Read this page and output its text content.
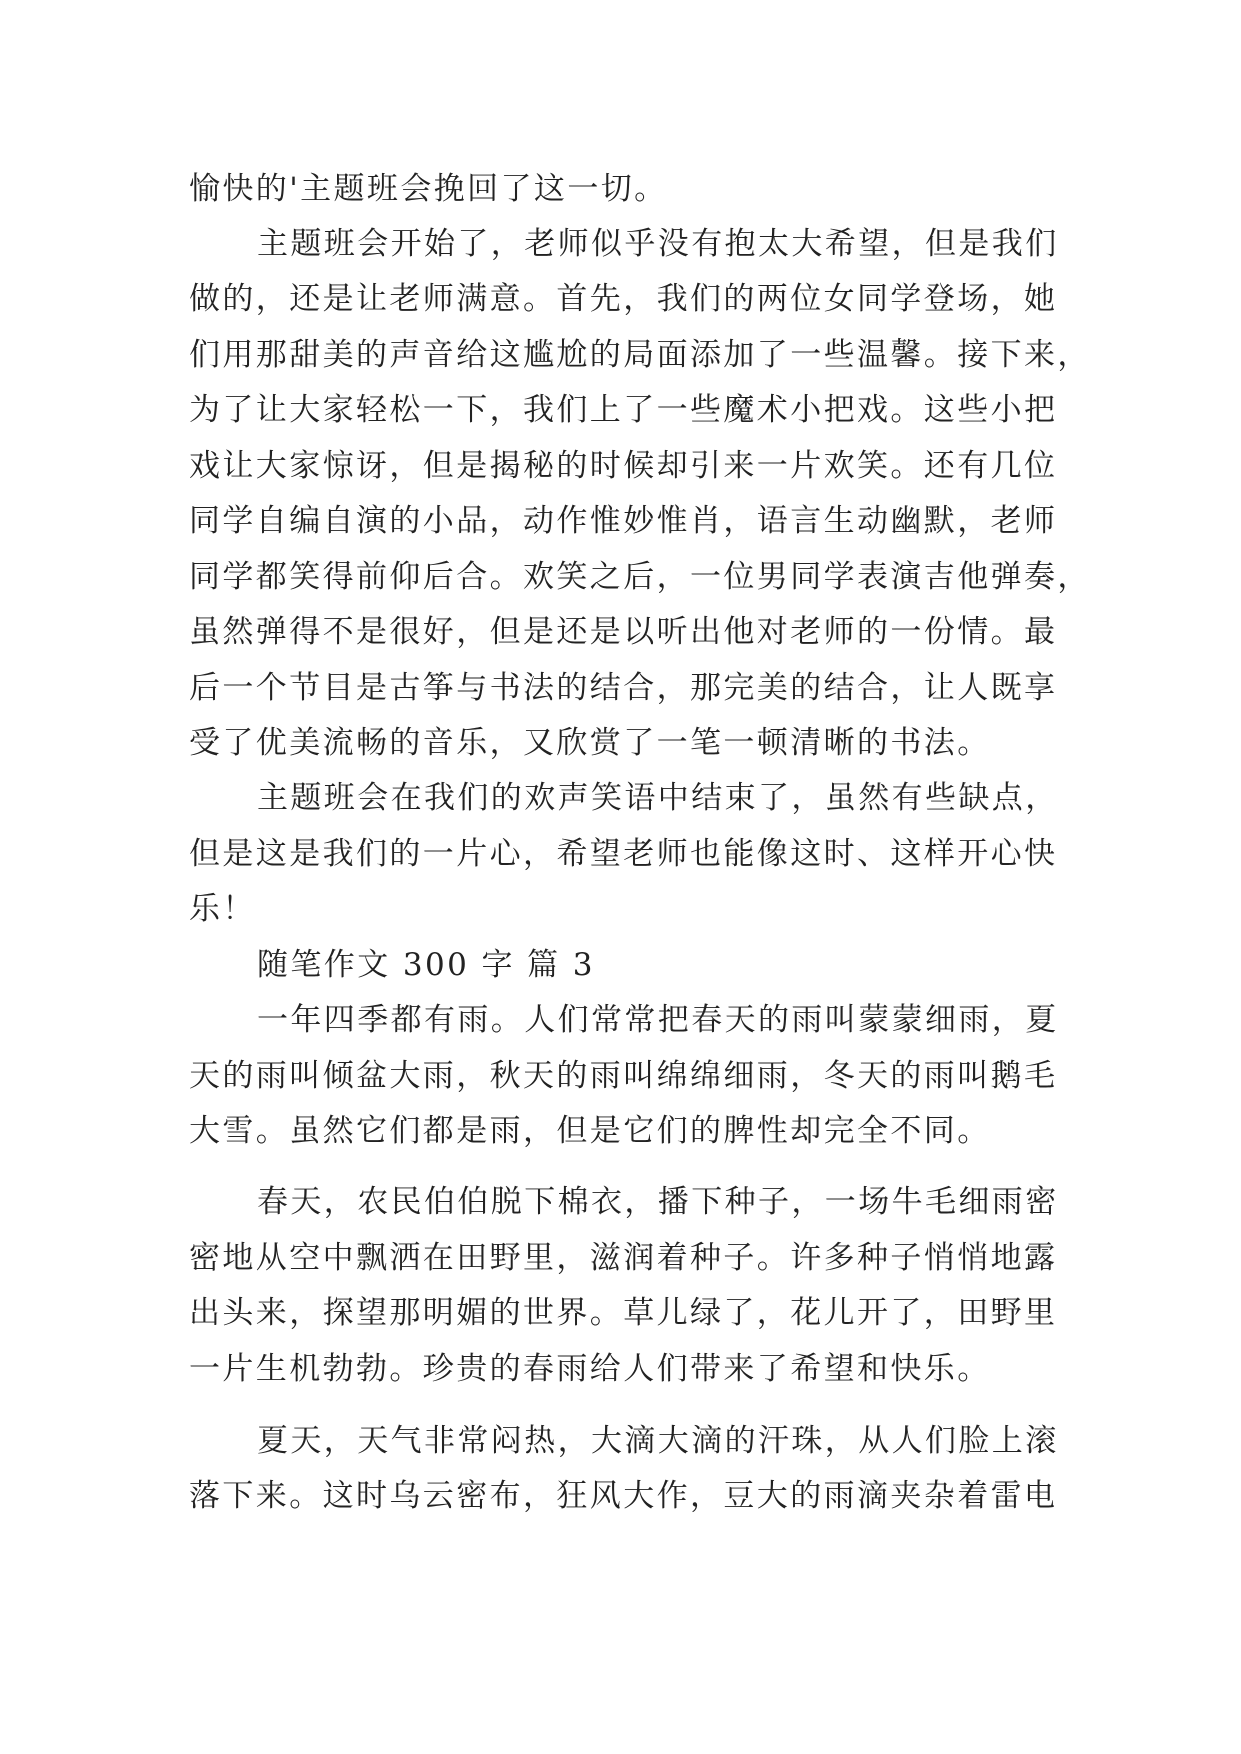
愉快的'主题班会挽回了这一切。
主题班会开始了，老师似乎没有抱太大希望，但是我们
做的，还是让老师满意。首先，我们的两位女同学登场，她
们用那甜美的声音给这尴尬的局面添加了一些温馨。接下来，
为了让大家轻松一下，我们上了一些魔术小把戏。这些小把
戏让大家惊讶，但是揭秘的时候却引来一片欢笑。还有几位
同学自编自演的小品，动作惟妙惟肖，语言生动幽默，老师
同学都笑得前仰后合。欢笑之后，一位男同学表演吉他弹奏，
虽然弹得不是很好，但是还是以听出他对老师的一份情。最
后一个节目是古筝与书法的结合，那完美的结合，让人既享
受了优美流畅的音乐，又欣赏了一笔一顿清晰的书法。
主题班会在我们的欢声笑语中结束了，虽然有些缺点，
但是这是我们的一片心，希望老师也能像这时、这样开心快
乐！
随笔作文 300 字 篇 3
一年四季都有雨。人们常常把春天的雨叫蒙蒙细雨，夏
天的雨叫倾盆大雨，秋天的雨叫绵绵细雨，冬天的雨叫鹅毛
大雪。虽然它们都是雨，但是它们的脾性却完全不同。
春天，农民伯伯脱下棉衣，播下种子，一场牛毛细雨密
密地从空中飘洒在田野里，滋润着种子。许多种子悄悄地露
出头来，探望那明媚的世界。草儿绿了，花儿开了，田野里
一片生机勃勃。珍贵的春雨给人们带来了希望和快乐。
夏天，天气非常闷热，大滴大滴的汗珠，从人们脸上滚
落下来。这时乌云密布，狂风大作，豆大的雨滴夹杂着雷电
